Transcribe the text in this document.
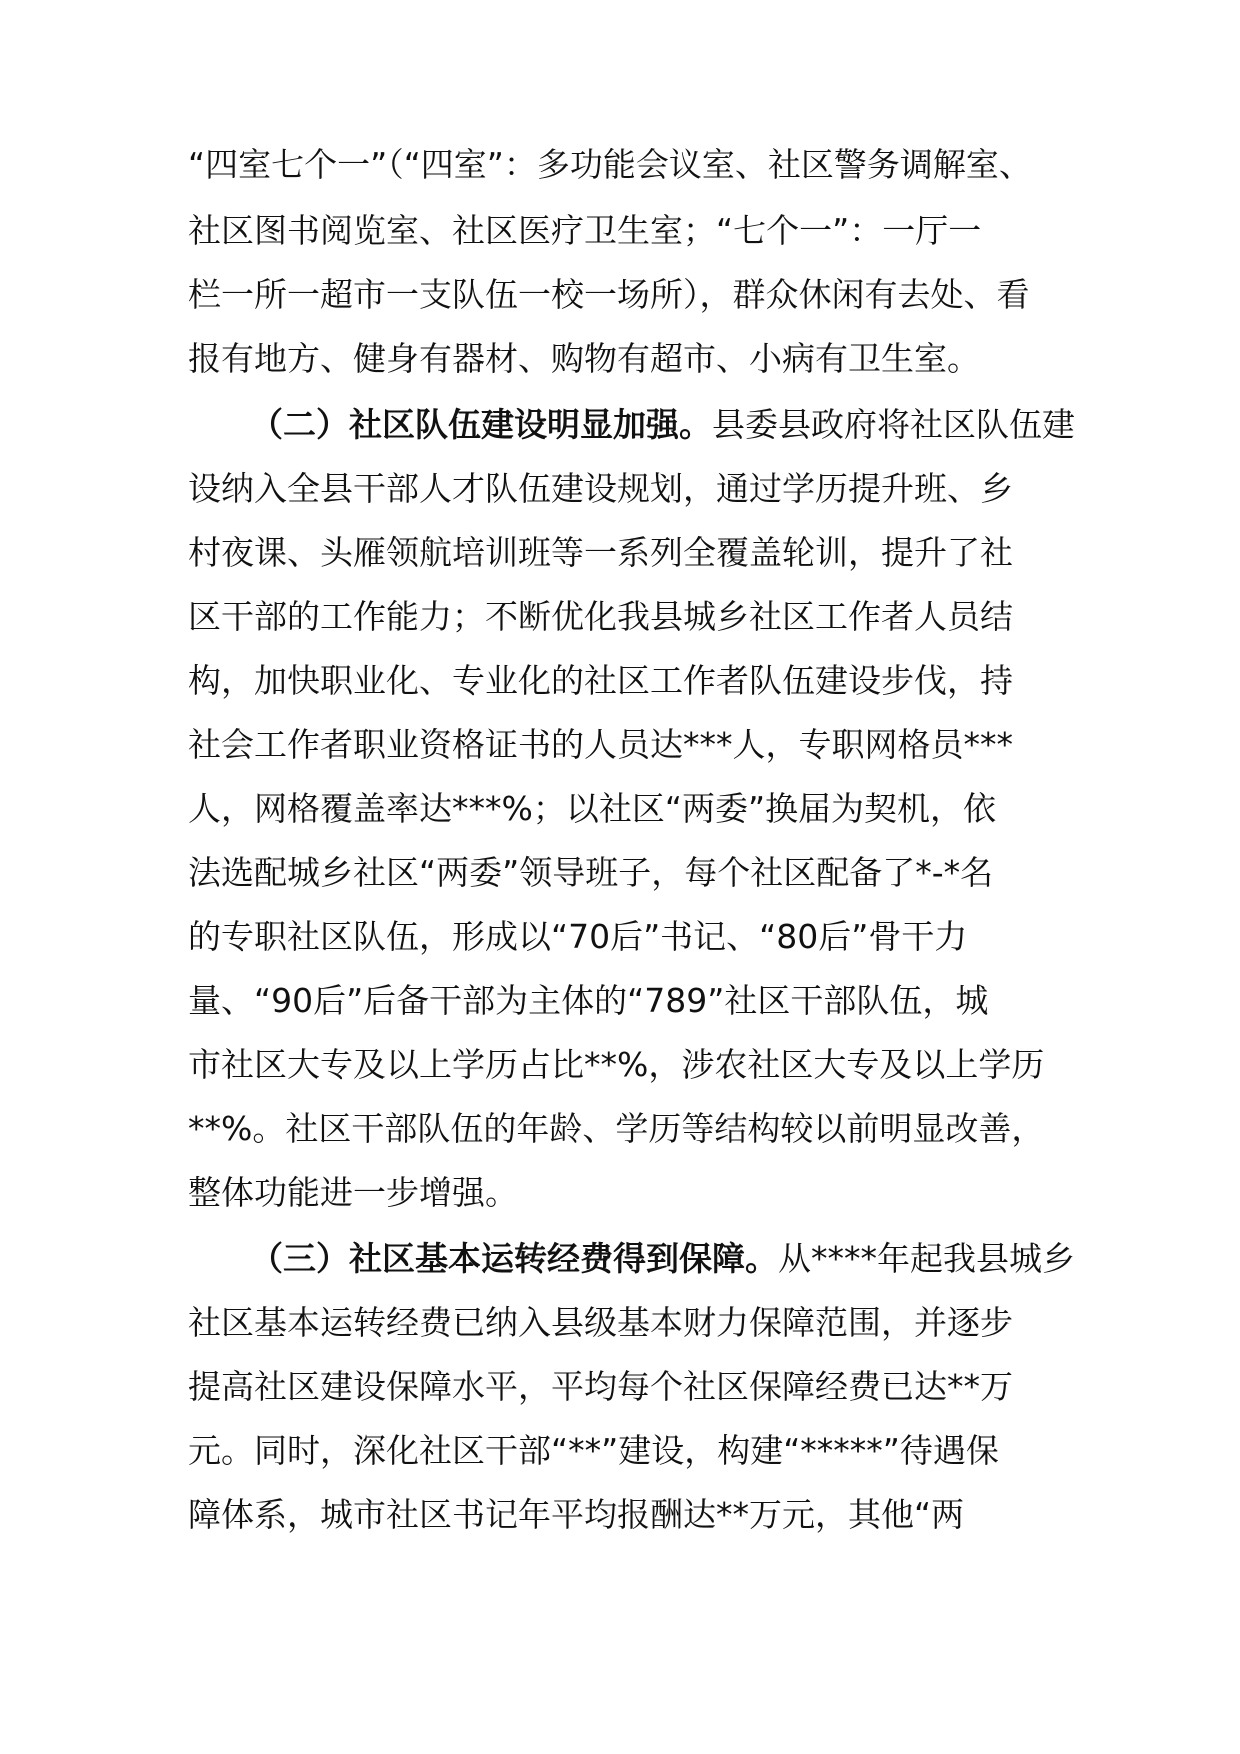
“四室七个一”（“四室”：多功能会议室、社区警务调解室、
社区图书阅览室、社区医疗卫生室；“七个一”：一厅一
栏一所一超市一支队伍一校一场所），群众休闲有去处、看
报有地方、健身有器材、购物有超市、小病有卫生室。
（二）社区队伍建设明显加强。县委县政府将社区队伍建
设纳入全县干部人才队伍建设规划，通过学历提升班、乡
村夜课、头雁领航培训班等一系列全覆盖轮训，提升了社
区干部的工作能力；不断优化我县城乡社区工作者人员结
构，加快职业化、专业化的社区工作者队伍建设步伐，持
社会工作者职业资格证书的人员达***人，专职网格员***
人，网格覆盖率达***%；以社区“两委”换届为契机，依
法选配城乡社区“两委”领导班子，每个社区配备了*-*名
的专职社区队伍，形成以“70后”书记、“80后”骨干力
量、“90后”后备干部为主体的“789”社区干部队伍，城
市社区大专及以上学历占比**%，涉农社区大专及以上学历
**%。社区干部队伍的年龄、学历等结构较以前明显改善，
整体功能进一步增强。
（三）社区基本运转经费得到保障。从****年起我县城乡
社区基本运转经费已纳入县级基本财力保障范围，并逐步
提高社区建设保障水平，平均每个社区保障经费已达**万
元。同时，深化社区干部“**”建设，构建“*****”待遇保
障体系，城市社区书记年平均报酬达**万元，其他“两
